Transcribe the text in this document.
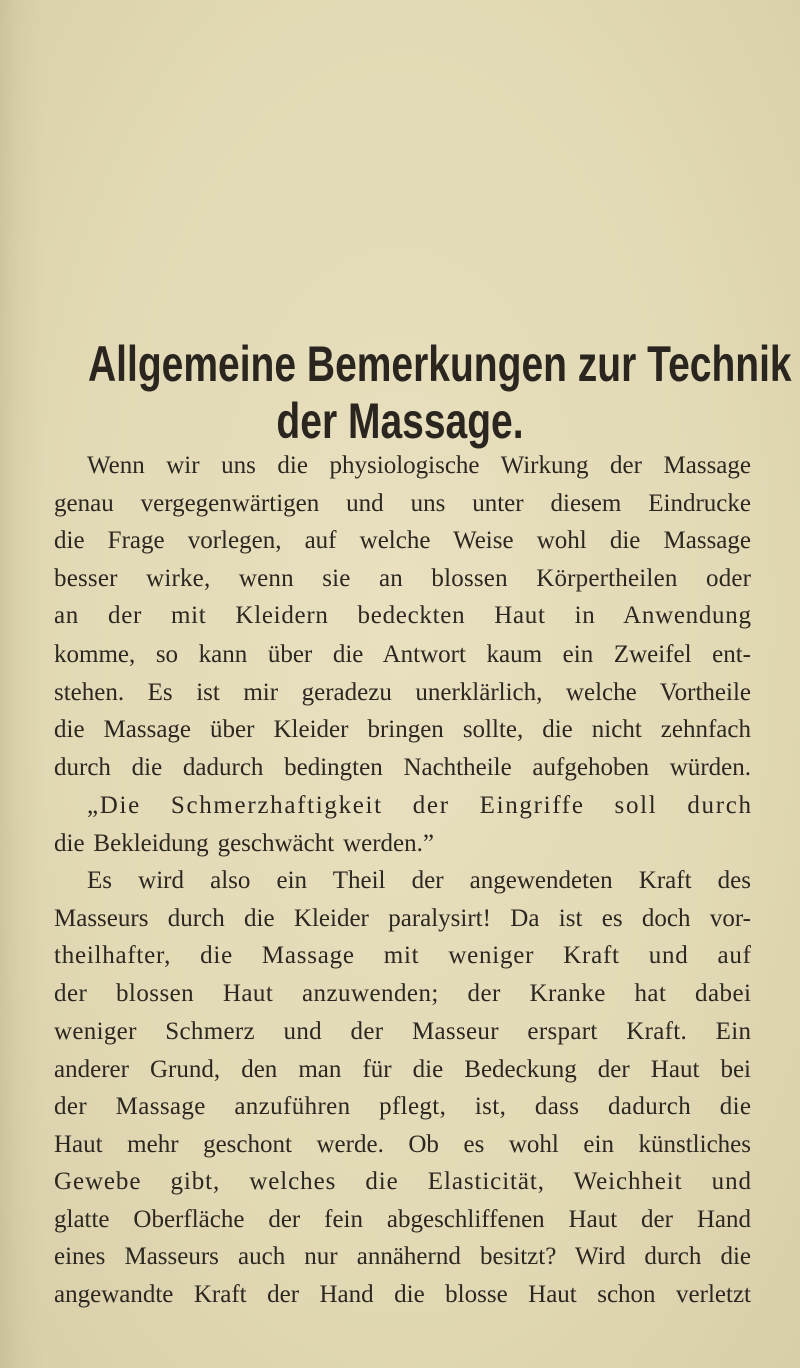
Allgemeine Bemerkungen zur Technik
der Massage.
Wenn wir uns die physiologische Wirkung der Massage
genau vergegenwärtigen und uns unter diesem Eindrucke
die Frage vorlegen, auf welche Weise wohl die Massage
besser wirke, wenn sie an blossen Körpertheilen oder
an der mit Kleidern bedeckten Haut in Anwendung
komme, so kann über die Antwort kaum ein Zweifel ent-
stehen. Es ist mir geradezu unerklärlich, welche Vortheile
die Massage über Kleider bringen sollte, die nicht zehnfach
durch die dadurch bedingten Nachtheile aufgehoben würden.
„Die Schmerzhaftigkeit der Eingriffe soll durch
die Bekleidung geschwächt werden.”
Es wird also ein Theil der angewendeten Kraft des
Masseurs durch die Kleider paralysirt! Da ist es doch vor-
theilhafter, die Massage mit weniger Kraft und auf
der blossen Haut anzuwenden; der Kranke hat dabei
weniger Schmerz und der Masseur erspart Kraft. Ein
anderer Grund, den man für die Bedeckung der Haut bei
der Massage anzuführen pflegt, ist, dass dadurch die
Haut mehr geschont werde. Ob es wohl ein künstliches
Gewebe gibt, welches die Elasticität, Weichheit und
glatte Oberfläche der fein abgeschliffenen Haut der Hand
eines Masseurs auch nur annähernd besitzt? Wird durch die
angewandte Kraft der Hand die blosse Haut schon verletzt
